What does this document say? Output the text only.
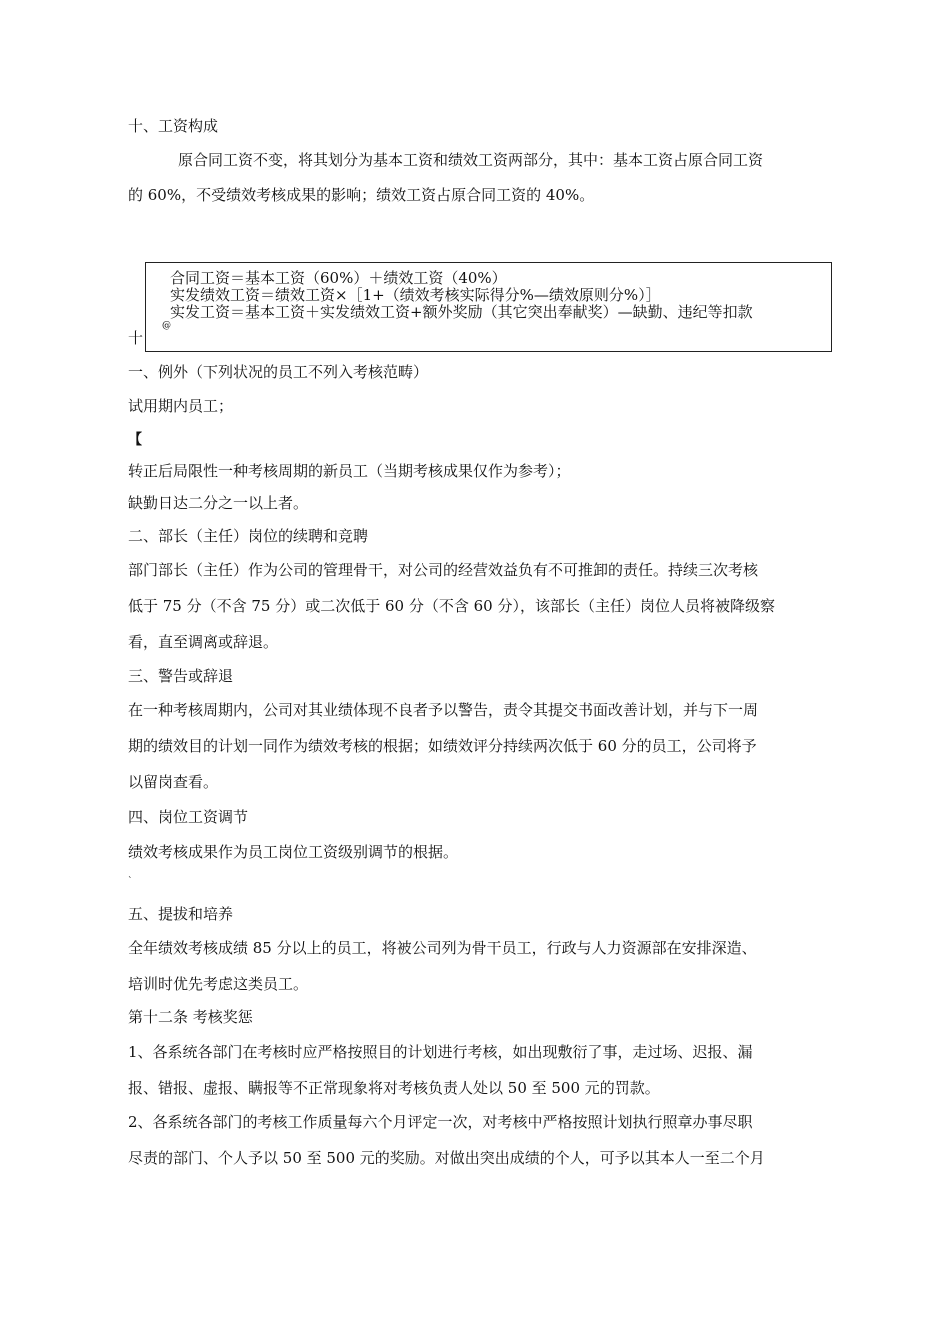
十、工资构成
原合同工资不变，将其划分为基本工资和绩效工资两部分，其中：基本工资占原合同工资
的 60%，不受绩效考核成果的影响；绩效工资占原合同工资的 40%。
合同工资＝基本工资（60%）＋绩效工资（40%）
实发绩效工资＝绩效工资×［1+（绩效考核实际得分%—绩效原则分%）］
实发工资＝基本工资＋实发绩效工资+额外奖励（其它突出奉献奖）—缺勤、违纪等扣款
@
十
一、例外（下列状况的员工不列入考核范畴）
试用期内员工；
【
转正后局限性一种考核周期的新员工（当期考核成果仅作为参考）；
缺勤日达二分之一以上者。
二、部长（主任）岗位的续聘和竞聘
部门部长（主任）作为公司的管理骨干，对公司的经营效益负有不可推卸的责任。持续三次考核
低于 75 分（不含 75 分）或二次低于 60 分（不含 60 分），该部长（主任）岗位人员将被降级察
看，直至调离或辞退。
三、警告或辞退
在一种考核周期内，公司对其业绩体现不良者予以警告，责令其提交书面改善计划，并与下一周
期的绩效目的计划一同作为绩效考核的根据；如绩效评分持续两次低于 60 分的员工，公司将予
以留岗查看。
四、岗位工资调节
绩效考核成果作为员工岗位工资级别调节的根据。
`
五、提拔和培养
全年绩效考核成绩 85 分以上的员工，将被公司列为骨干员工，行政与人力资源部在安排深造、
培训时优先考虑这类员工。
第十二条 考核奖惩
1、各系统各部门在考核时应严格按照目的计划进行考核，如出现敷衍了事，走过场、迟报、漏
报、错报、虚报、瞒报等不正常现象将对考核负责人处以 50 至 500 元的罚款。
2、各系统各部门的考核工作质量每六个月评定一次，对考核中严格按照计划执行照章办事尽职
尽责的部门、个人予以 50 至 500 元的奖励。对做出突出成绩的个人，可予以其本人一至二个月
